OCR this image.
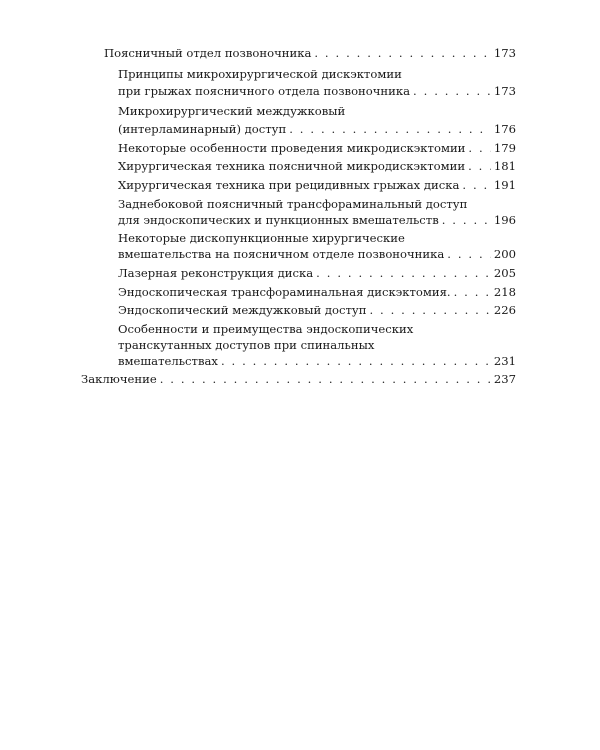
Поясничный отдел позвоночника . . .	173
Принципы микрохирургической дискэктомии
при грыжах поясничного отдела позвоночника . . .	173
Микрохирургический междужковый
(интерламинарный) доступ . . .	176
Некоторые особенности проведения микродискэктомии . . . 179
Хирургическая техника поясничной микродискэктомии . . . 181
Хирургическая техника при рецидивных грыжах диска . . .	191
Заднебоковой поясничный трансфораминальный доступ
для эндоскопических и пункционных вмешательств . . .	196
Некоторые дископункционные хирургические
вмешательства на поясничном отделе позвоночника . . .	200
Лазерная реконструкция диска . . .	205
Эндоскопическая трансфораминальная дискэктомия. . . .	218
Эндоскопический междужковый доступ . . .	226
Особенности и преимущества эндоскопических
транскутанных доступов при спинальных
вмешательствах . . .	231
Заключение . . .	237
